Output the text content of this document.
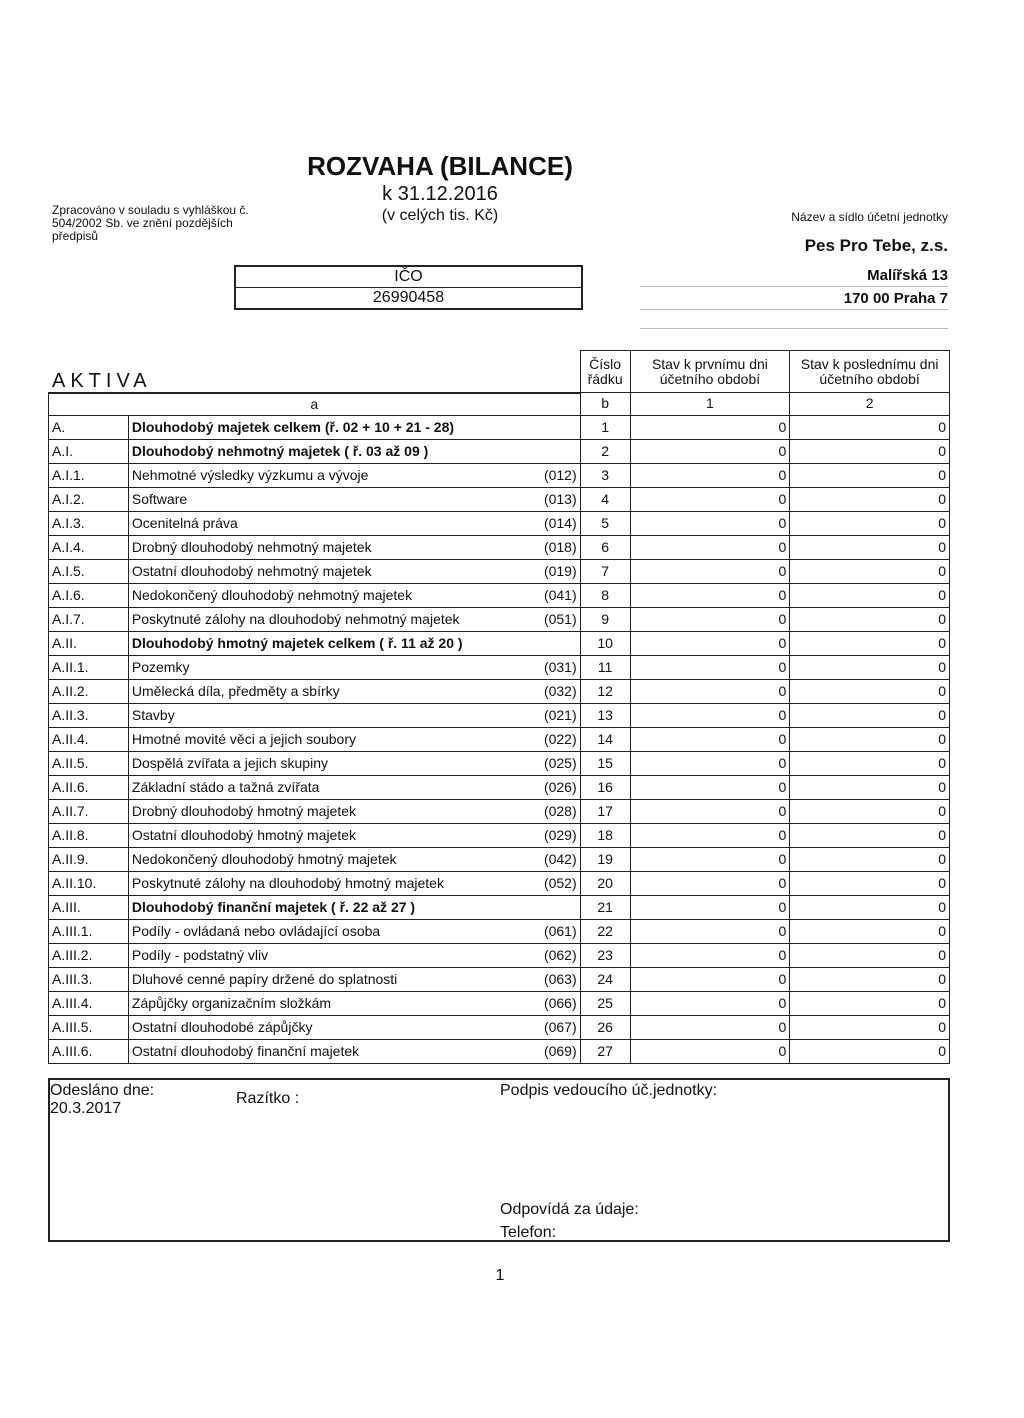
Zpracováno v souladu s vyhláškou č. 504/2002 Sb. ve znění pozdějších předpisů
ROZVAHA (BILANCE)
k 31.12.2016
(v celých tis. Kč)
IČO
26990458
Název a sídlo účetní jednotky
Pes Pro Tebe, z.s.
Malířská 13
170 00 Praha 7
AKTIVA
			Číslo řádku	Stav k prvnímu dni účetního období	Stav k poslednímu dni účetního období
a			b	1	2
A.	Dlouhodobý majetek celkem (ř. 02 + 10 + 21 - 28)		1	0	0
A.I.	Dlouhodobý nehmotný majetek ( ř. 03 až 09 )		2	0	0
A.I.1.	Nehmotné výsledky výzkumu a vývoje	(012)	3	0	0
A.I.2.	Software	(013)	4	0	0
A.I.3.	Ocenitelná práva	(014)	5	0	0
A.I.4.	Drobný dlouhodobý nehmotný majetek	(018)	6	0	0
A.I.5.	Ostatní dlouhodobý nehmotný majetek	(019)	7	0	0
A.I.6.	Nedokončený dlouhodobý nehmotný majetek	(041)	8	0	0
A.I.7.	Poskytnuté zálohy na dlouhodobý nehmotný majetek	(051)	9	0	0
A.II.	Dlouhodobý hmotný majetek celkem ( ř. 11 až 20 )		10	0	0
A.II.1.	Pozemky	(031)	11	0	0
A.II.2.	Umělecká díla, předměty a sbírky	(032)	12	0	0
A.II.3.	Stavby	(021)	13	0	0
A.II.4.	Hmotné movité věci a jejich soubory	(022)	14	0	0
A.II.5.	Dospělá zvířata a jejich skupiny	(025)	15	0	0
A.II.6.	Základní stádo a tažná zvířata	(026)	16	0	0
A.II.7.	Drobný dlouhodobý hmotný majetek	(028)	17	0	0
A.II.8.	Ostatní dlouhodobý hmotný majetek	(029)	18	0	0
A.II.9.	Nedokončený dlouhodobý hmotný majetek	(042)	19	0	0
A.II.10.	Poskytnuté zálohy na dlouhodobý hmotný majetek	(052)	20	0	0
A.III.	Dlouhodobý finanční majetek ( ř. 22 až 27 )		21	0	0
A.III.1.	Podíly - ovládaná nebo ovládající osoba	(061)	22	0	0
A.III.2.	Podíly - podstatný vliv	(062)	23	0	0
A.III.3.	Dluhové cenné papíry držené do splatnosti	(063)	24	0	0
A.III.4.	Zápůjčky organizačním složkám	(066)	25	0	0
A.III.5.	Ostatní dlouhodobé zápůjčky	(067)	26	0	0
A.III.6.	Ostatní dlouhodobý finanční majetek	(069)	27	0	0
Odesláno dne:
20.3.2017
Razítko :	Podpis vedoucího úč.jednotky:
Odpovídá za údaje:
Telefon:
1
